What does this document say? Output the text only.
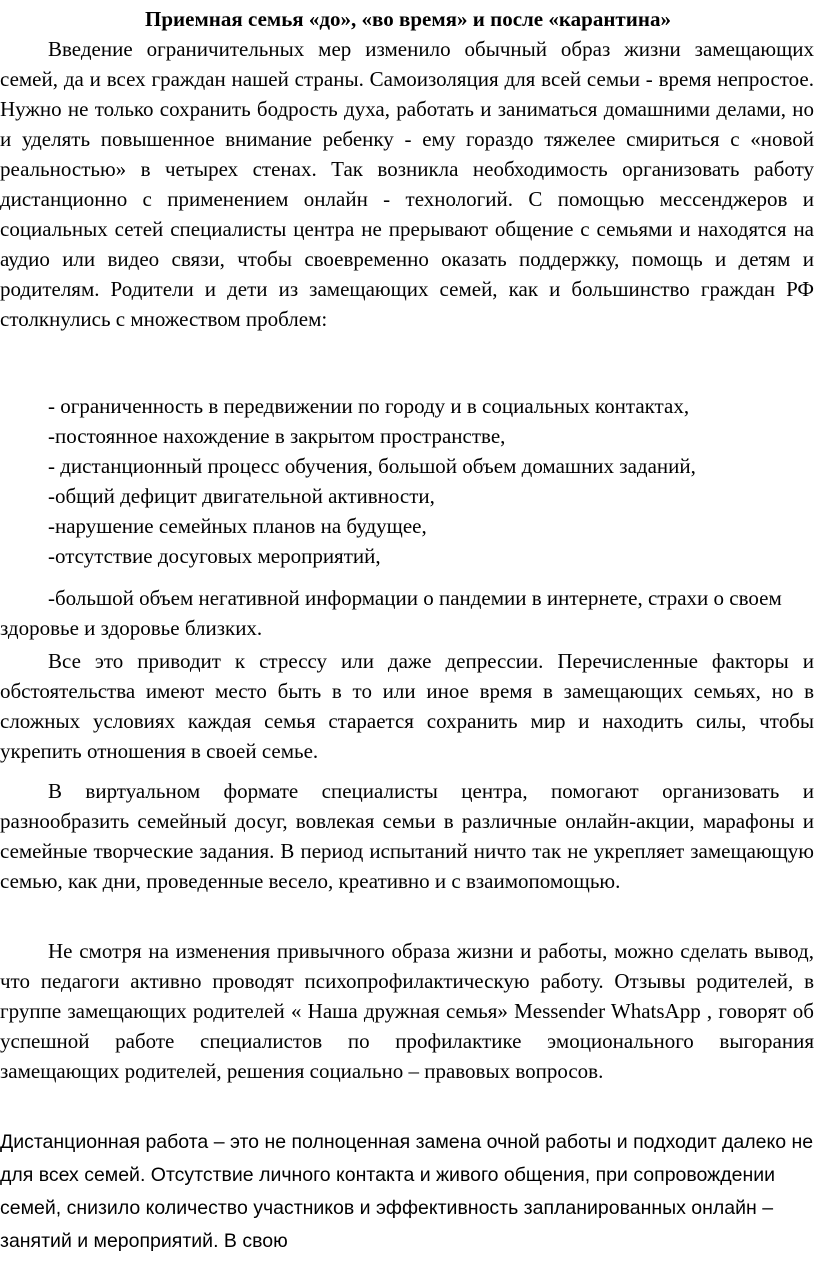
Приемная семья «до», «во время» и после «карантина»

Введение ограничительных мер изменило обычный образ жизни замещающих семей, да и всех граждан нашей страны. Самоизоляция для всей семьи - время непростое. Нужно не только сохранить бодрость духа, работать и заниматься домашними делами, но и уделять повышенное внимание ребенку - ему гораздо тяжелее смириться с «новой реальностью» в четырех стенах. Так возникла необходимость организовать работу дистанционно с применением онлайн - технологий. С помощью мессенджеров и социальных сетей специалисты центра не прерывают общение с семьями и находятся на аудио или видео связи, чтобы своевременно оказать поддержку, помощь и детям и родителям. Родители и дети из замещающих семей, как и большинство граждан РФ столкнулись с множеством проблем:

- ограниченность в передвижении по городу и в социальных контактах,

-постоянное нахождение в закрытом пространстве,

- дистанционный процесс обучения, большой объем домашних заданий,

-общий дефицит двигательной активности,

-нарушение семейных планов на будущее,

-отсутствие досуговых мероприятий,

-большой объем негативной информации о пандемии в интернете, страхи о своем здоровье и здоровье близких.

Все это приводит к стрессу или даже депрессии. Перечисленные факторы и обстоятельства имеют место быть в то или иное время в замещающих семьях, но в сложных условиях каждая семья старается сохранить мир и находить силы, чтобы укрепить отношения в своей семье.

В виртуальном формате специалисты центра, помогают организовать и разнообразить семейный досуг, вовлекая семьи в различные онлайн-акции, марафоны и семейные творческие задания. В период испытаний ничто так не укрепляет замещающую семью, как дни, проведенные весело, креативно и с взаимопомощью.

Не смотря на изменения привычного образа жизни и работы, можно сделать вывод, что педагоги активно проводят психопрофилактическую работу. Отзывы родителей, в группе замещающих родителей « Наша дружная семья» Messender WhatsApp , говорят об успешной работе специалистов по профилактике эмоционального выгорания замещающих родителей, решения социально – правовых вопросов.

Дистанционная работа – это не полноценная замена очной работы и подходит далеко не для всех семей. Отсутствие личного контакта и живого общения, при сопровождении семей, снизило количество участников и эффективность запланированных онлайн – занятий и мероприятий. В свою
